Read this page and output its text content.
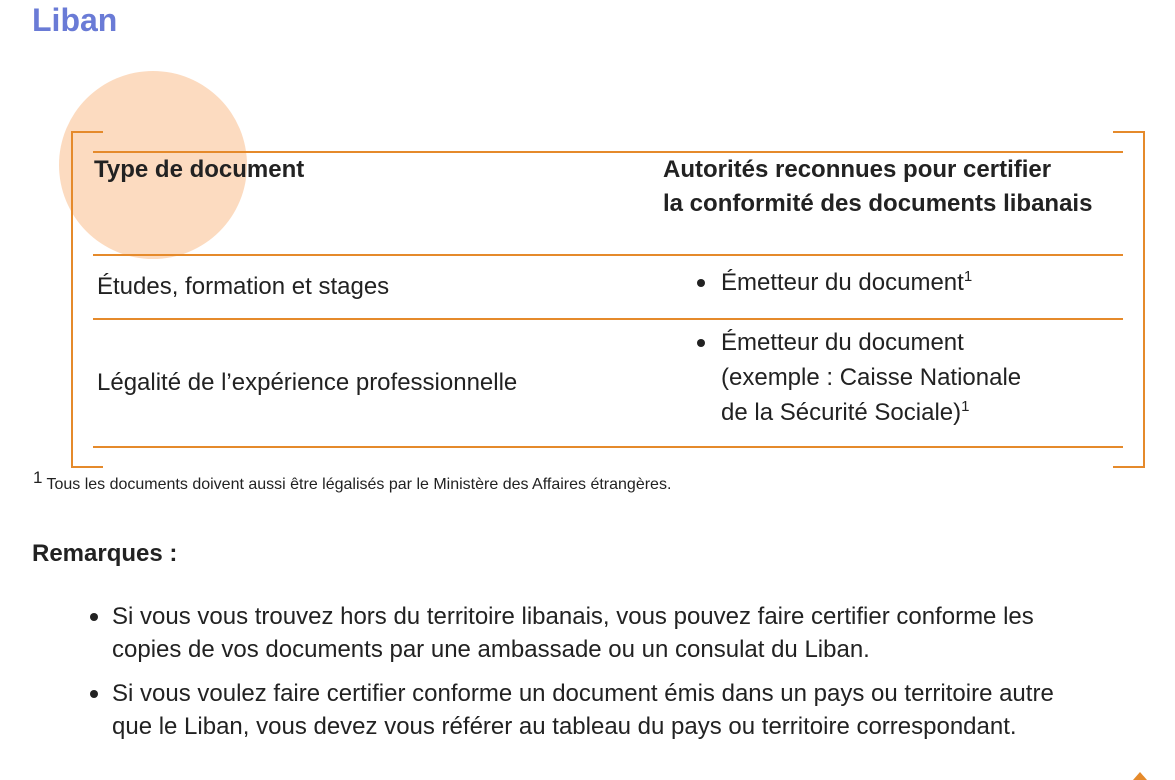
Liban
Type de document	Autorités reconnues pour certifier
la conformité des documents libanais
Études, formation et stages	Émetteur du document$^1$
Légalité de l’expérience professionnelle
Émetteur du document
(exemple : Caisse Nationale
de la Sécurité Sociale)$^1$
1 Tous les documents doivent aussi être légalisés par le Ministère des Affaires étrangères.
Remarques :
Si vous vous trouvez hors du territoire libanais, vous pouvez faire certifier conforme les
copies de vos documents par une ambassade ou un consulat du Liban.
Si vous voulez faire certifier conforme un document émis dans un pays ou territoire autre
que le Liban, vous devez vous référer au tableau du pays ou territoire correspondant.
